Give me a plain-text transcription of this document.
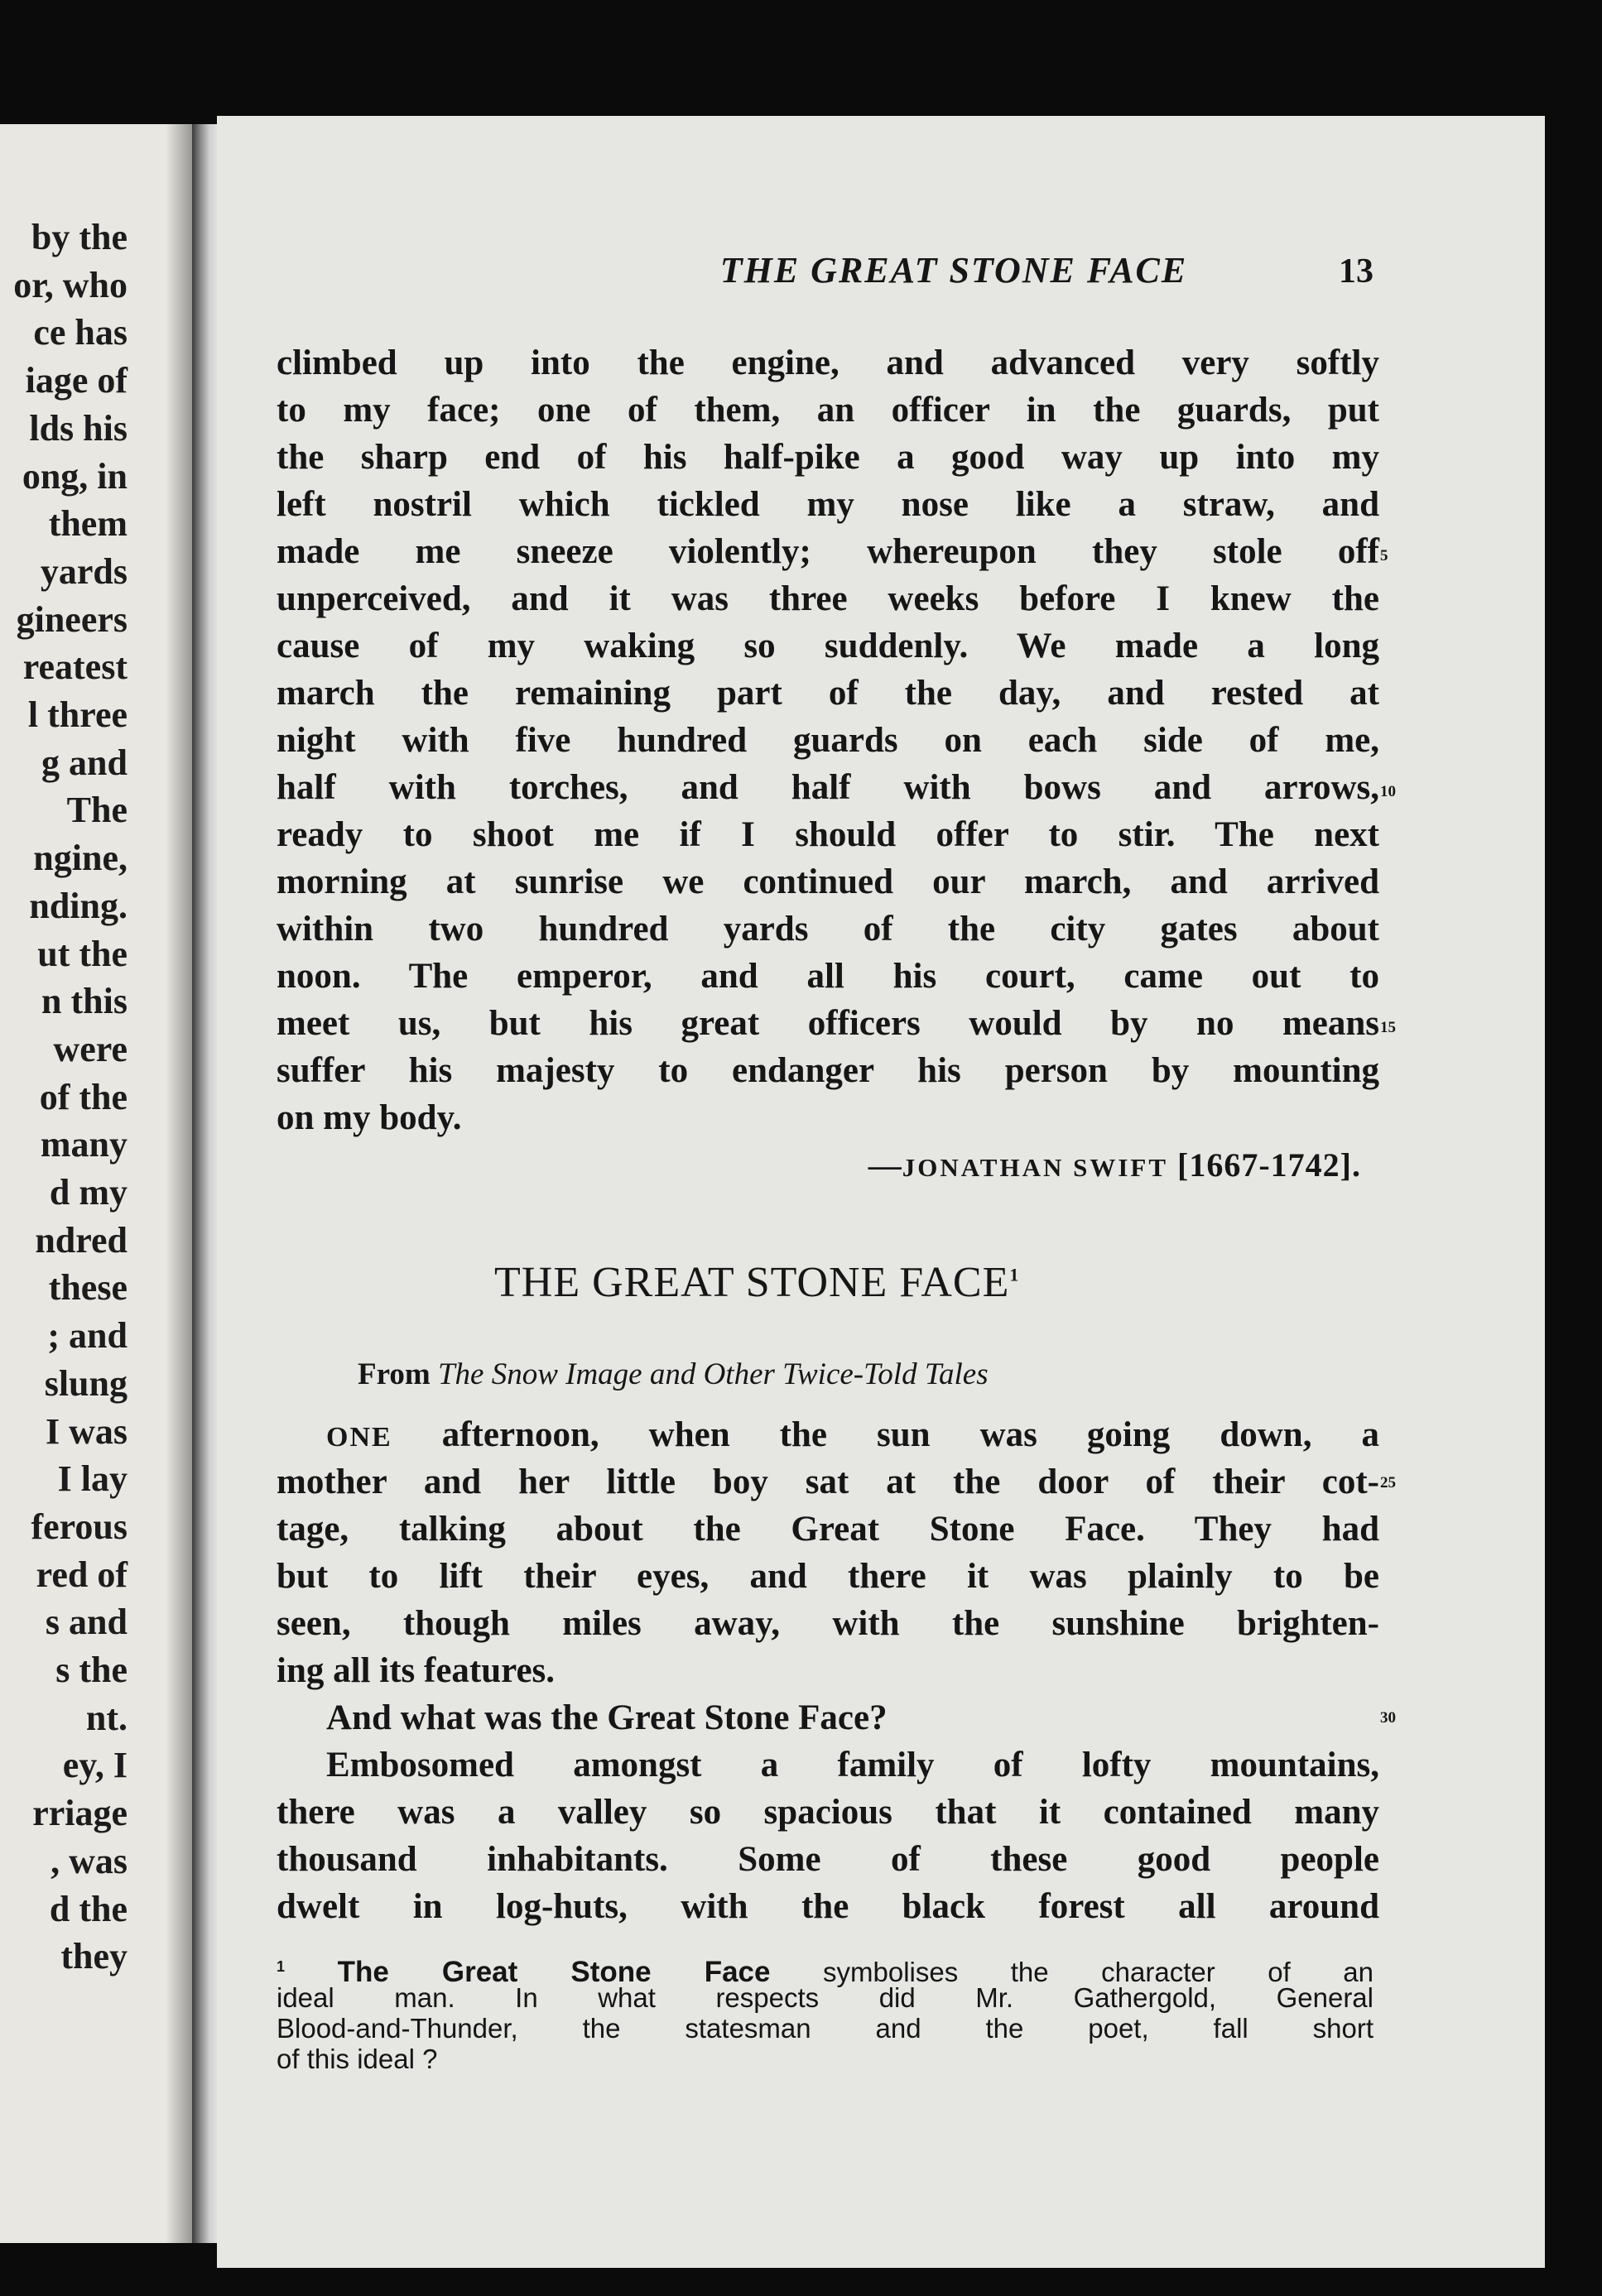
by the
or, who
ce has
iage of
lds his
ong, in
them
yards
gineers
reatest
l three
g and
The
ngine,
nding.
ut the
n this
were
of the
many
d my
ndred
these
; and
slung
I was
I lay
ferous
red of
s and
s the
nt.
ey, I
rriage
, was
d the
they
THE GREAT STONE FACE	13
climbed up into the engine, and advanced very softly
to my face; one of them, an officer in the guards, put
the sharp end of his half-pike a good way up into my
left nostril which tickled my nose like a straw, and
made me sneeze violently; whereupon they stole off
unperceived, and it was three weeks before I knew the
cause of my waking so suddenly. We made a long
march the remaining part of the day, and rested at
night with five hundred guards on each side of me,
half with torches, and half with bows and arrows,
ready to shoot me if I should offer to stir. The next
morning at sunrise we continued our march, and arrived
within two hundred yards of the city gates about
noon. The emperor, and all his court, came out to
meet us, but his great officers would by no means
suffer his majesty to endanger his person by mounting
on my body.
5
10
15
—JONATHAN SWIFT [1667-1742].
THE GREAT STONE FACE$^1$
From The Snow Image and Other Twice-Told Tales
ONE afternoon, when the sun was going down, a
mother and her little boy sat at the door of their cot-
tage, talking about the Great Stone Face. They had
but to lift their eyes, and there it was plainly to be
seen, though miles away, with the sunshine brighten-
ing all its features.
And what was the Great Stone Face?
Embosomed amongst a family of lofty mountains,
there was a valley so spacious that it contained many
thousand inhabitants. Some of these good people
dwelt in log-huts, with the black forest all around
25
30
$^1$ The Great Stone Face symbolises the character of an
ideal man. In what respects did Mr. Gathergold, General
Blood-and-Thunder, the statesman and the poet, fall short
of this ideal ?
